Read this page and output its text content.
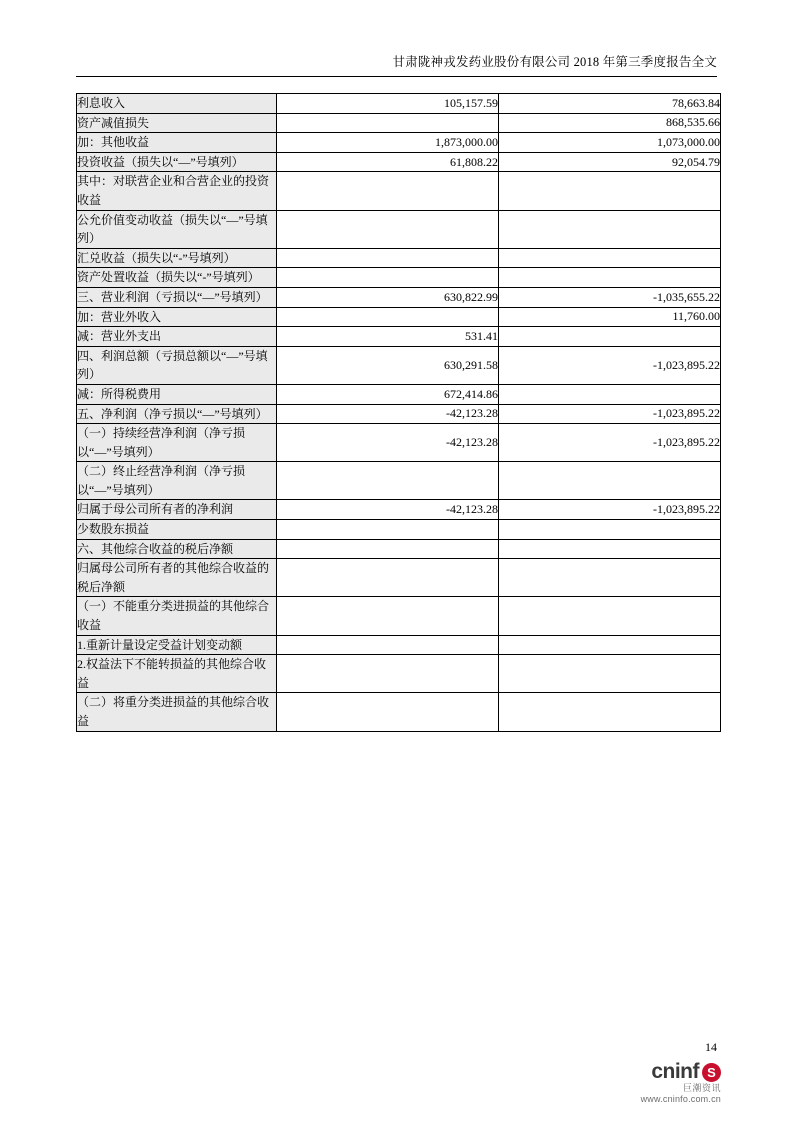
甘肃陇神戎发药业股份有限公司 2018 年第三季度报告全文
利息收入	105,157.59	78,663.84
资产减值损失		868,535.66
加：其他收益	1,873,000.00	1,073,000.00
投资收益（损失以“—”号填列）	61,808.22	92,054.79
其中：对联营企业和合营企业的投资收益		
公允价值变动收益（损失以“—”号填列）		
汇兑收益（损失以“-”号填列）		
资产处置收益（损失以“-”号填列）		
三、营业利润（亏损以“—”号填列）	630,822.99	-1,035,655.22
加：营业外收入		11,760.00
减：营业外支出	531.41	
四、利润总额（亏损总额以“—”号填列）	630,291.58	-1,023,895.22
减：所得税费用	672,414.86	
五、净利润（净亏损以“—”号填列）	-42,123.28	-1,023,895.22
（一）持续经营净利润（净亏损以“—”号填列）	-42,123.28	-1,023,895.22
（二）终止经营净利润（净亏损以“—”号填列）		
归属于母公司所有者的净利润	-42,123.28	-1,023,895.22
少数股东损益		
六、其他综合收益的税后净额		
归属母公司所有者的其他综合收益的税后净额		
（一）不能重分类进损益的其他综合收益		
1.重新计量设定受益计划变动额		
2.权益法下不能转损益的其他综合收益		
（二）将重分类进损益的其他综合收益		
14
cninf S
巨潮资讯
www.cninfo.com.cn
